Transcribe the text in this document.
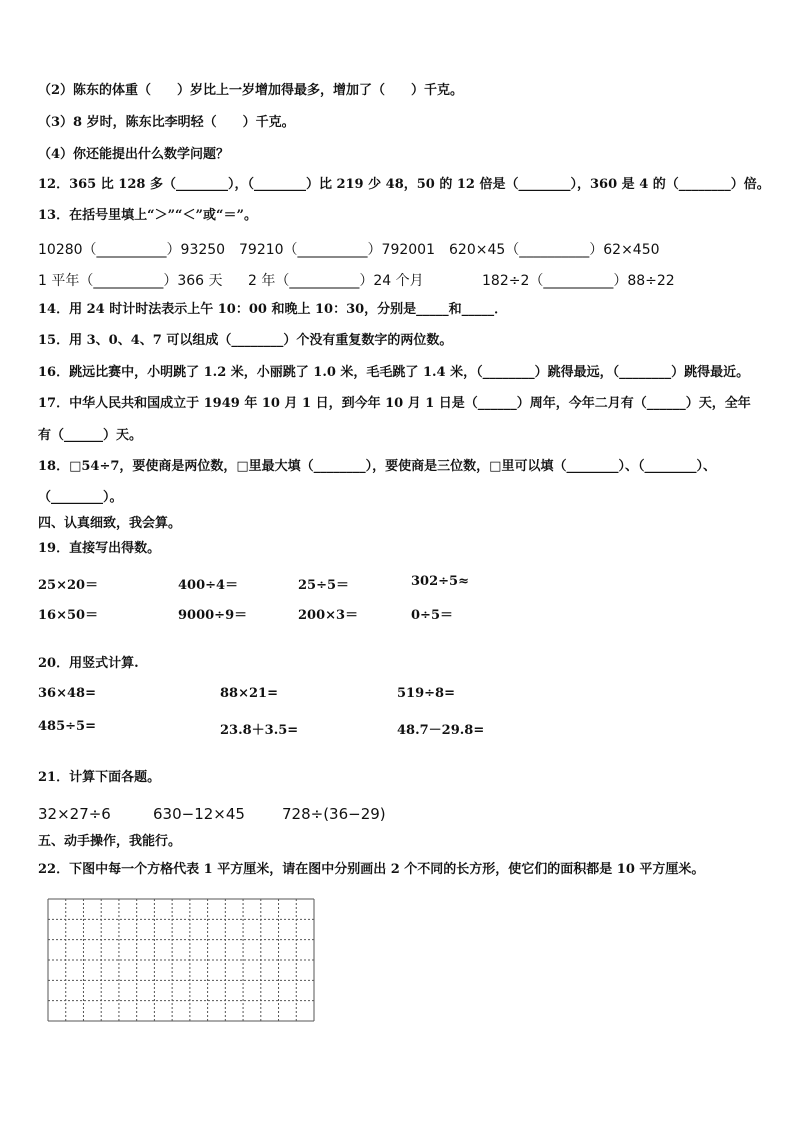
（2）陈东的体重（　　）岁比上一岁增加得最多，增加了（　　）千克。
（3）8 岁时，陈东比李明轻（　　）千克。
（4）你还能提出什么数学问题？
12．365 比 128 多（________），（________）比 219 少 48，50 的 12 倍是（________），360 是 4 的（________）倍。
13．在括号里填上“＞”“＜”或“＝”。
10280（__________）93250 79210（__________）792001 620×45（__________）62×450
1 平年（__________）366 天 2 年（__________）24 个月	182÷2（__________）88÷22
14．用 24 时计时法表示上午 10：00 和晚上 10：30，分别是_____和_____．
15．用 3、0、4、7 可以组成（________）个没有重复数字的两位数。
16．跳远比赛中，小明跳了 1.2 米，小丽跳了 1.0 米，毛毛跳了 1.4 米，（________）跳得最远，（________）跳得最近。
17．中华人民共和国成立于 1949 年 10 月 1 日，到今年 10 月 1 日是（______）周年，今年二月有（______）天，全年
有（______）天。
18．□54÷7，要使商是两位数，□里最大填（________），要使商是三位数，□里可以填（________）、（________）、
（________）。
四、认真细致，我会算。
19．直接写出得数。
25×20＝	400÷4＝	25÷5＝	302÷5≈
16×50＝	9000÷9＝	200×3＝	0÷5＝
20．用竖式计算.
36×48=	88×21=	519÷8=
485÷5=	23.8＋3.5=	48.7－29.8=
21．计算下面各题。
32×27÷6	630−12×45 728÷(36−29)
五、动手操作，我能行。
22．下图中每一个方格代表 1 平方厘米，请在图中分别画出 2 个不同的长方形，使它们的面积都是 10 平方厘米。
